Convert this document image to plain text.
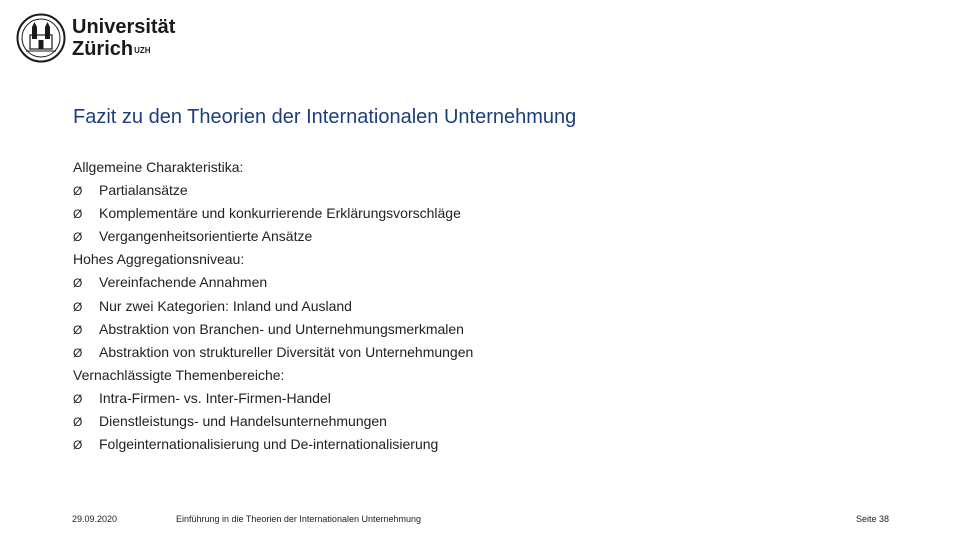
Universität
Zürich$^{UZH}$
Fazit zu den Theorien der Internationalen Unternehmung
Allgemeine Charakteristika:
Ø Partialansätze
Ø Komplementäre und konkurrierende Erklärungsvorschläge
Ø Vergangenheitsorientierte Ansätze
Hohes Aggregationsniveau:
Ø Vereinfachende Annahmen
Ø Nur zwei Kategorien: Inland und Ausland
Ø Abstraktion von Branchen- und Unternehmungsmerkmalen
Ø Abstraktion von struktureller Diversität von Unternehmungen
Vernachlässigte Themenbereiche:
Ø Intra-Firmen- vs. Inter-Firmen-Handel
Ø Dienstleistungs- und Handelsunternehmungen
Ø Folgeinternationalisierung und De-internationalisierung
29.09.2020	Einführung in die Theorien der Internationalen Unternehmung	Seite 38
